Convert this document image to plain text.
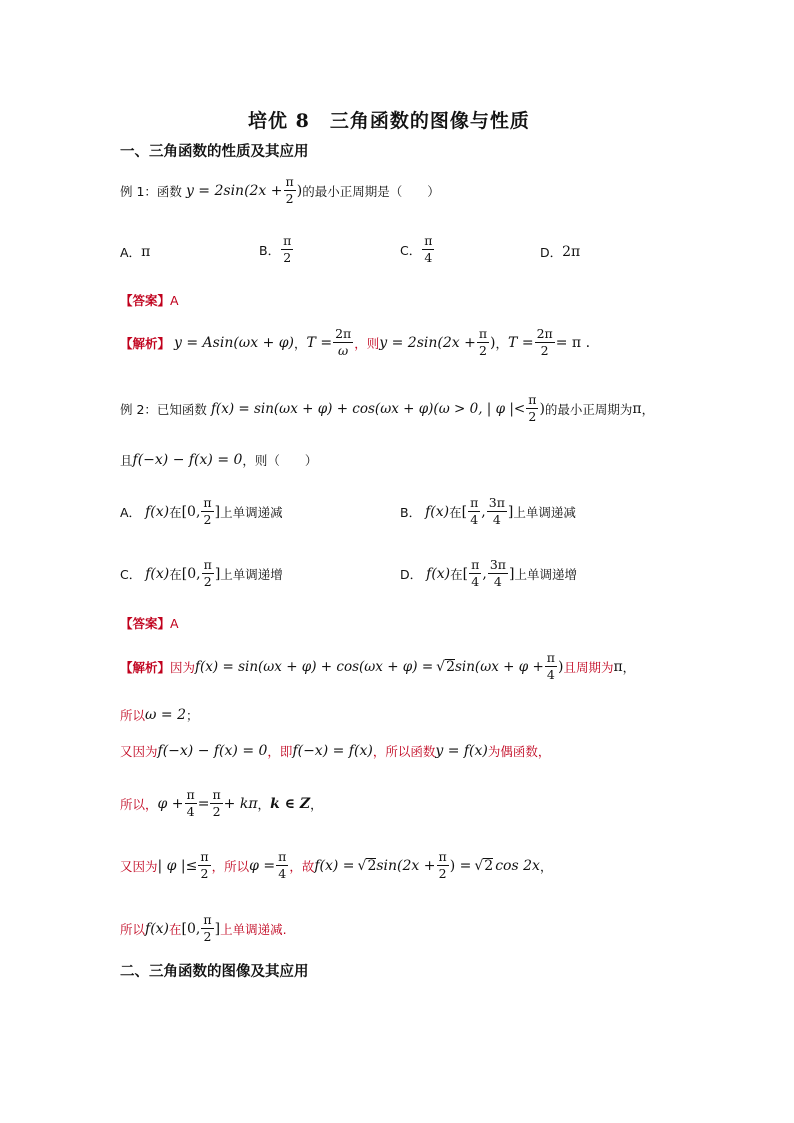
培优 8　三角函数的图像与性质
一、三角函数的性质及其应用
例 1：函数 $y = 2\sin(2x + \frac{\pi}{2}$ ) 的最小正周期是（　　）
A． π	B． $\frac{\pi}{2}$	C． $\frac{\pi}{4}$	D． 2π
【答案】 A
【解析】 y = Asin(ωx + φ) ， $T = \frac{2\pi}{\omega}$ ，则 $y = 2\sin(2x + \frac{\pi}{2}$ ) ， $T = \frac{2\pi}{2} = \pi$ .
例 2：已知函数 f(x) = sin(ωx + φ) + cos(ωx + φ)(ω > 0, | φ |< $\frac{\pi}{2}$ ) 的最小正周期为 π ，
且 f(−x) − f(x) = 0 ，则（　　）
A． f(x) 在 [0, $\frac{\pi}{2}$ ] 上单调递减	B． f(x) 在 [ $\frac{\pi}{4}$ , $\frac{3\pi}{4}$ ] 上单调递减
C． f(x) 在 [0, $\frac{\pi}{2}$ ] 上单调递增	D． f(x) 在 [ $\frac{\pi}{4}$ , $\frac{3\pi}{4}$ ] 上单调递增
【答案】 A
【解析】 因为 f(x) = sin(ωx + φ) + cos(ωx + φ) = √ 2 $\sin(\omega x + \varphi + \frac{\pi}{4}$ ) 且周期为 π ，
所以 ω = 2 ；
又因为 f(−x) − f(x) = 0 ，即 f(−x) = f(x) ，所以函数 y = f(x) 为偶函数，
所以， $\varphi + \frac{\pi}{4} = \frac{\pi}{2} + k\pi$ ， k ∈ Z ，
又因为 | φ |≤ $\frac{\pi}{2}$ ，所以 $\varphi = \frac{\pi}{4}$ ，故 f(x) = √ 2 $\sin(2x + \frac{\pi}{2}$ ) = √ 2 cos 2x ，
所以 f(x) 在 [0, $\frac{\pi}{2}$ ] 上单调递减.
二、三角函数的图像及其应用
